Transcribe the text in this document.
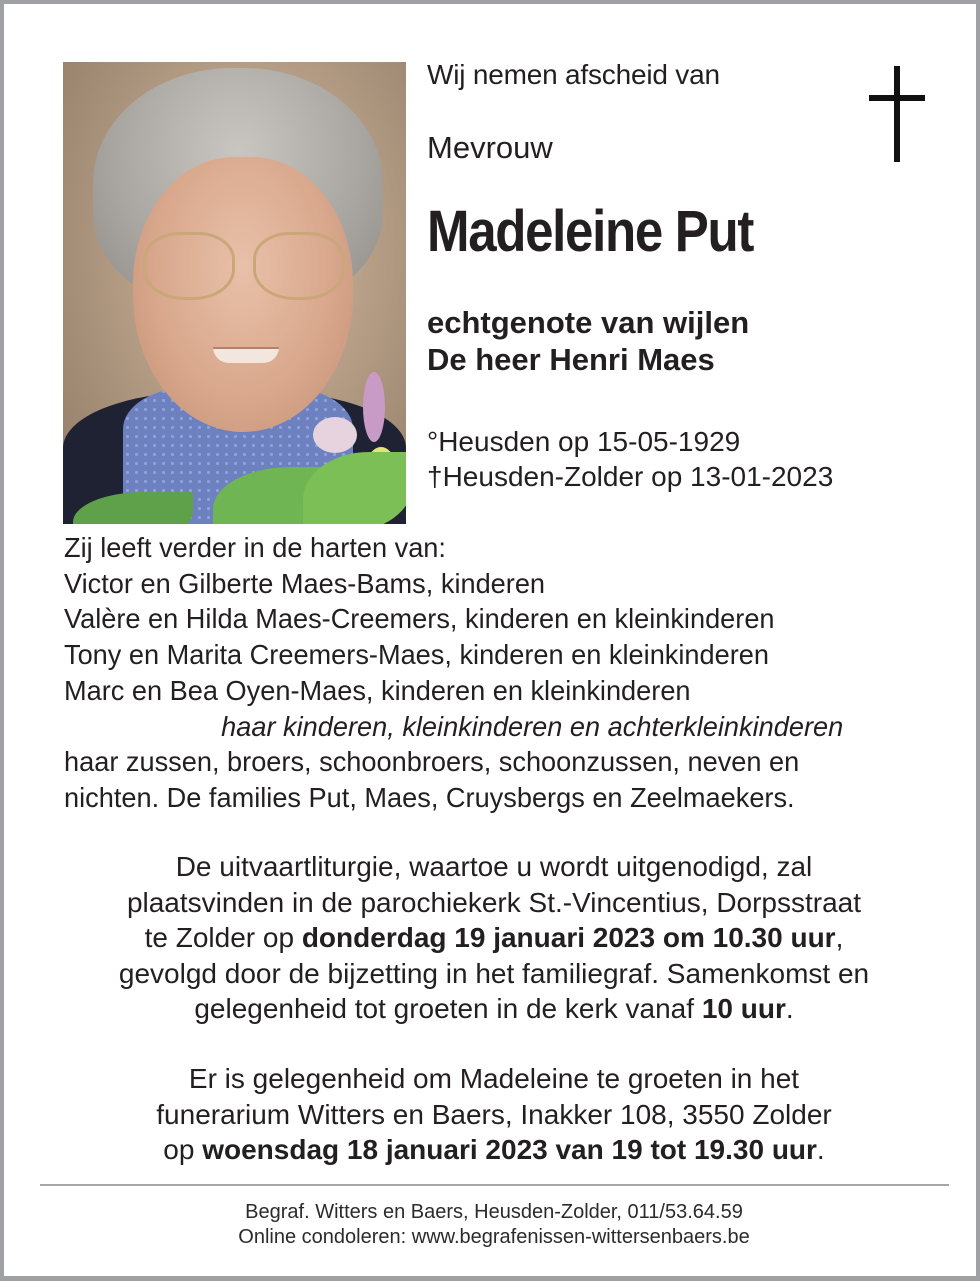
Wij nemen afscheid van
Mevrouw
Madeleine Put
echtgenote van wijlen
De heer Henri Maes
°Heusden op 15-05-1929
†Heusden-Zolder op 13-01-2023
Zij leeft verder in de harten van:
Victor en Gilberte Maes-Bams, kinderen
Valère en Hilda Maes-Creemers, kinderen en kleinkinderen
Tony en Marita Creemers-Maes, kinderen en kleinkinderen
Marc en Bea Oyen-Maes, kinderen en kleinkinderen
haar kinderen, kleinkinderen en achterkleinkinderen
haar zussen, broers, schoonbroers, schoonzussen, neven en
nichten. De families Put, Maes, Cruysbergs en Zeelmaekers.
De uitvaartliturgie, waartoe u wordt uitgenodigd, zal
plaatsvinden in de parochiekerk St.-Vincentius, Dorpsstraat
te Zolder op donderdag 19 januari 2023 om 10.30 uur,
gevolgd door de bijzetting in het familiegraf. Samenkomst en
gelegenheid tot groeten in de kerk vanaf 10 uur.
Er is gelegenheid om Madeleine te groeten in het
funerarium Witters en Baers, Inakker 108, 3550 Zolder
op woensdag 18 januari 2023 van 19 tot 19.30 uur.
Begraf. Witters en Baers, Heusden-Zolder, 011/53.64.59
Online condoleren: www.begrafenissen-wittersenbaers.be
